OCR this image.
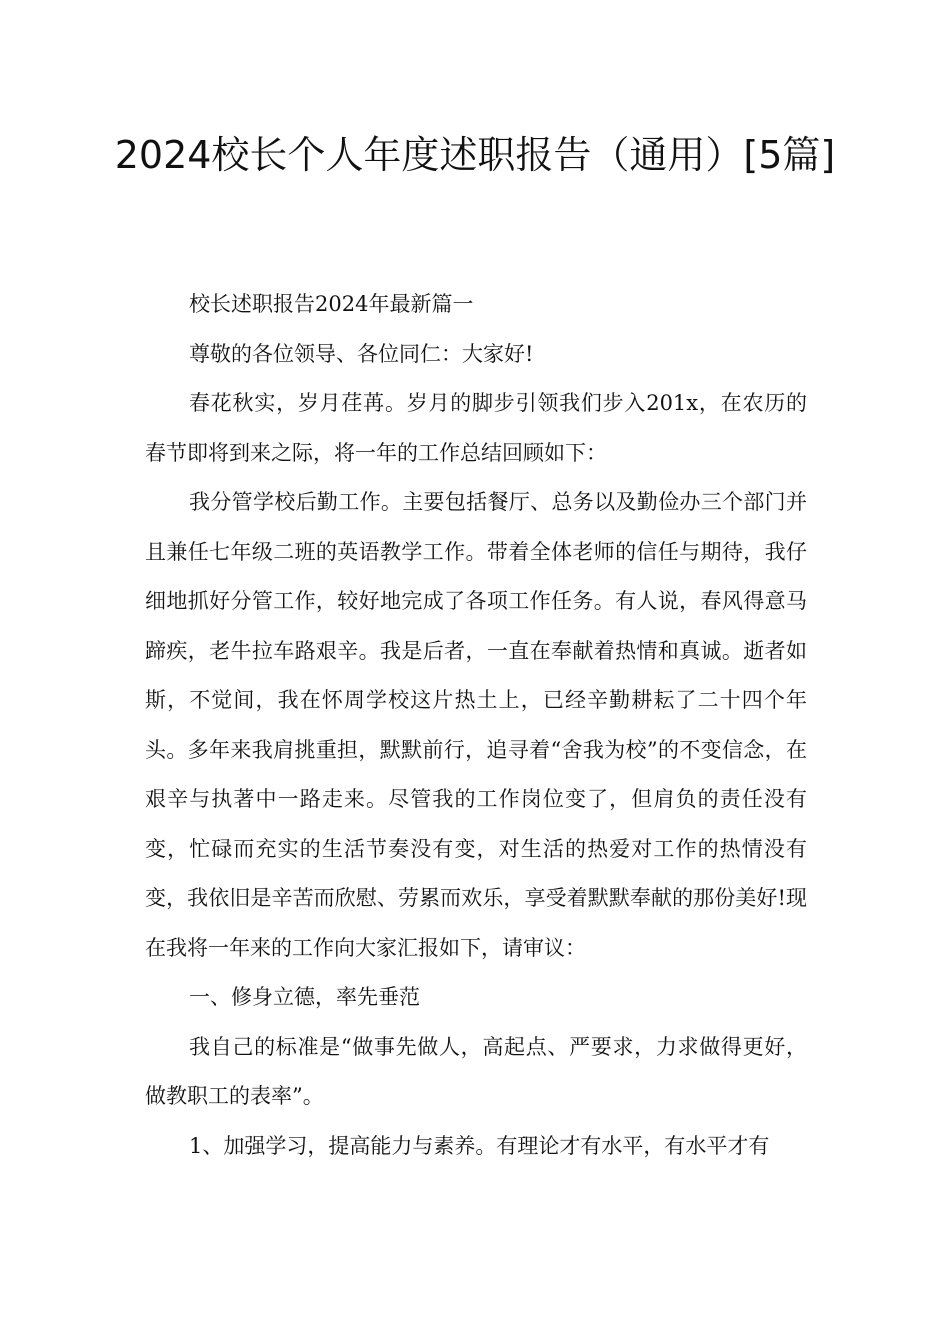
2024校长个人年度述职报告（通用）[5篇]

校长述职报告2024年最新篇一

尊敬的各位领导、各位同仁：大家好!

春花秋实，岁月荏苒。岁月的脚步引领我们步入201x，在农历的春节即将到来之际，将一年的工作总结回顾如下：

我分管学校后勤工作。主要包括餐厅、总务以及勤俭办三个部门并且兼任七年级二班的英语教学工作。带着全体老师的信任与期待，我仔细地抓好分管工作，较好地完成了各项工作任务。有人说，春风得意马蹄疾，老牛拉车路艰辛。我是后者，一直在奉献着热情和真诚。逝者如斯，不觉间，我在怀周学校这片热土上，已经辛勤耕耘了二十四个年头。多年来我肩挑重担，默默前行，追寻着“舍我为校”的不变信念，在艰辛与执著中一路走来。尽管我的工作岗位变了，但肩负的责任没有变，忙碌而充实的生活节奏没有变，对生活的热爱对工作的热情没有变，我依旧是辛苦而欣慰、劳累而欢乐，享受着默默奉献的那份美好!现在我将一年来的工作向大家汇报如下，请审议：

一、修身立德，率先垂范

我自己的标准是“做事先做人，高起点、严要求，力求做得更好，做教职工的表率”。

1、加强学习，提高能力与素养。有理论才有水平，有水平才有
